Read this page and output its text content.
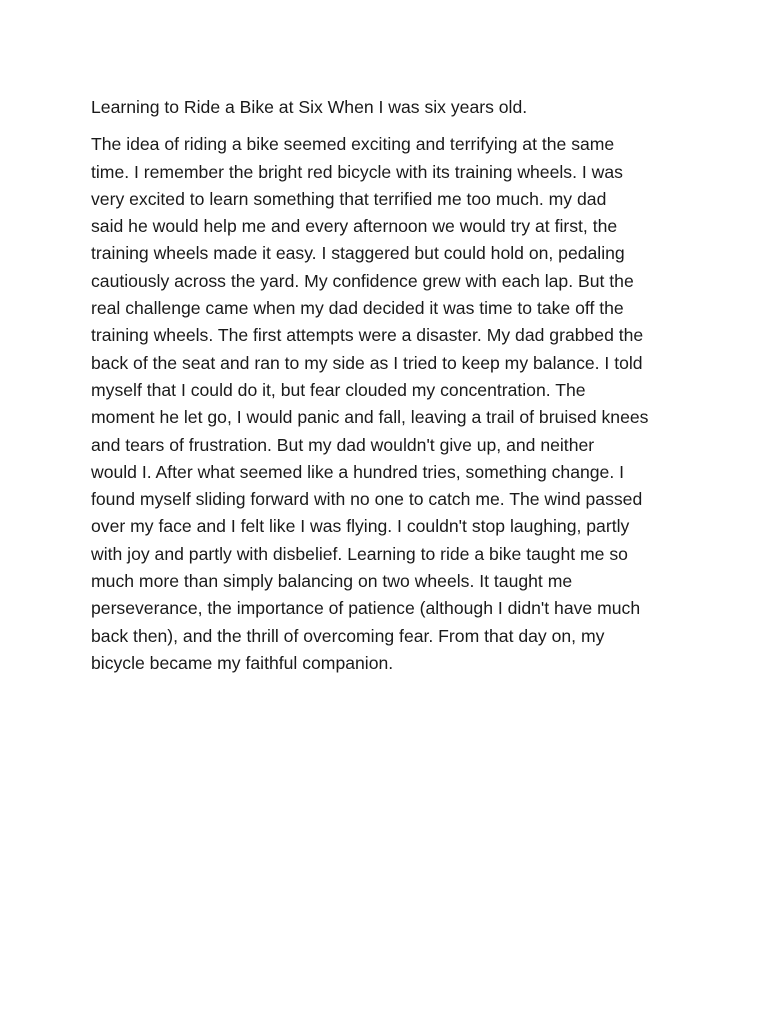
Learning to Ride a Bike at Six When I was six years old.

The idea of riding a bike seemed exciting and terrifying at the same

time. I remember the bright red bicycle with its training wheels. I was

very excited to learn something that terrified me too much. my dad

said he would help me and every afternoon we would try at first, the

training wheels made it easy. I staggered but could hold on, pedaling

cautiously across the yard. My confidence grew with each lap. But the

real challenge came when my dad decided it was time to take off the

training wheels. The first attempts were a disaster. My dad grabbed the

back of the seat and ran to my side as I tried to keep my balance. I told

myself that I could do it, but fear clouded my concentration. The

moment he let go, I would panic and fall, leaving a trail of bruised knees

and tears of frustration. But my dad wouldn't give up, and neither

would I. After what seemed like a hundred tries, something change. I

found myself sliding forward with no one to catch me. The wind passed

over my face and I felt like I was flying. I couldn't stop laughing, partly

with joy and partly with disbelief. Learning to ride a bike taught me so

much more than simply balancing on two wheels. It taught me

perseverance, the importance of patience (although I didn't have much

back then), and the thrill of overcoming fear. From that day on, my

bicycle became my faithful companion.
